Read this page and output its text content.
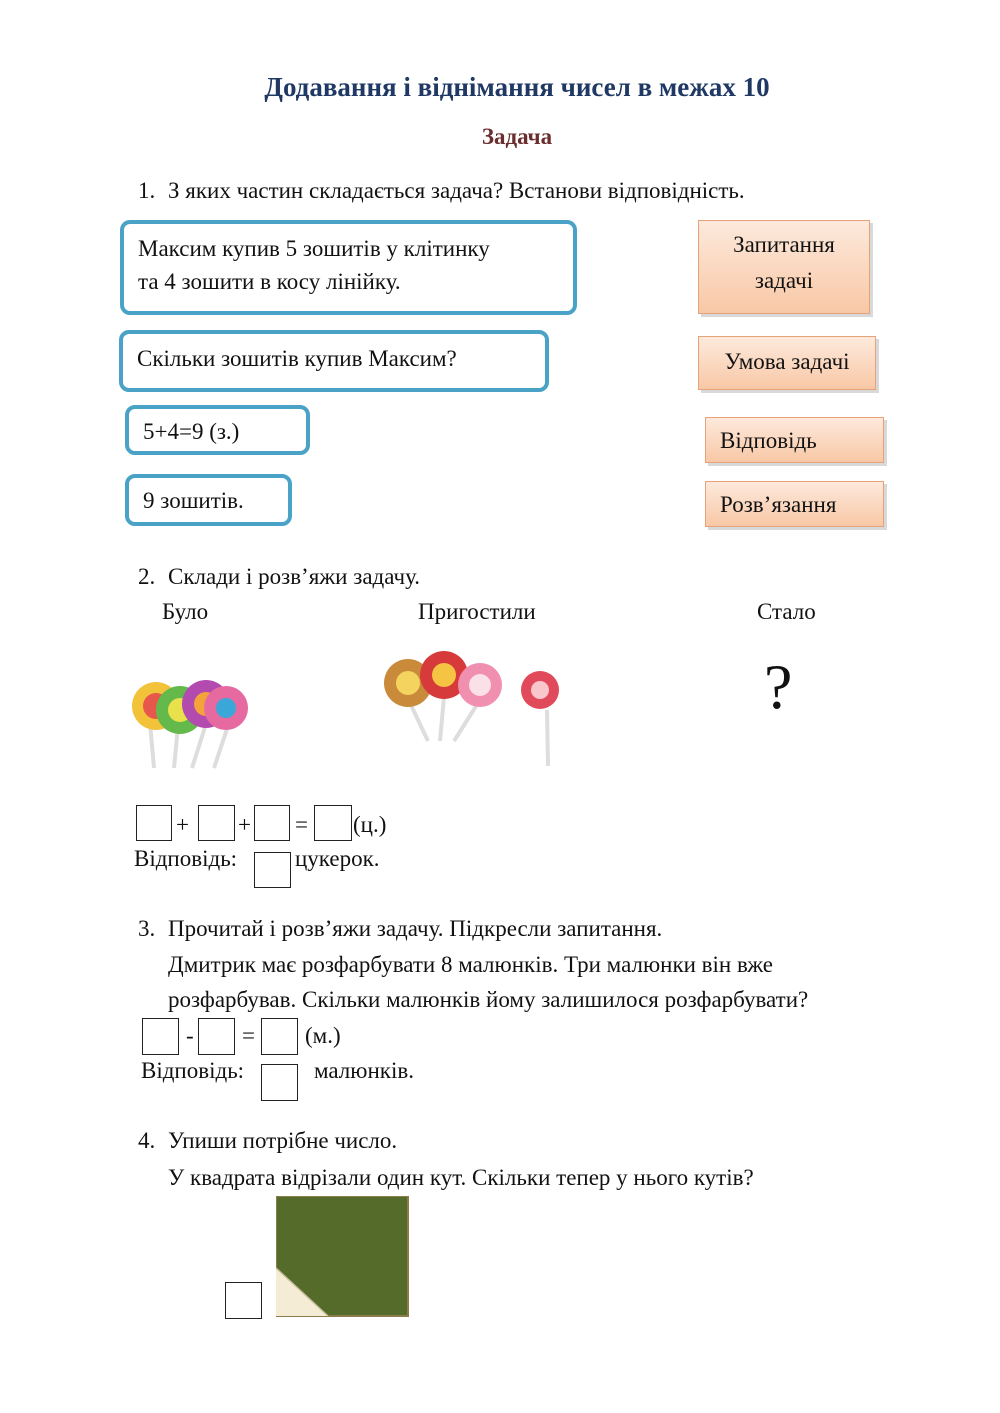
Додавання і віднімання чисел в межах 10
Задача
1. З яких частин складається задача? Встанови відповідність.
Максим купив 5 зошитів у клітинку
та 4 зошити в косу лінійку.
Скільки зошитів купив Максим?
5+4=9 (з.)
9 зошитів.
Запитання
задачі
Умова задачі
Відповідь
Розв’язання
2. Склади і розв’яжи задачу.
Було	Пригостили	Стало
?
+ + = (ц.)
Відповідь:	цукерок.
3. Прочитай і розв’яжи задачу. Підкресли запитання.
Дмитрик має розфарбувати 8 малюнків. Три малюнки він вже
розфарбував. Скільки малюнків йому залишилося розфарбувати?
- = (м.)
Відповідь:	малюнків.
4. Упиши потрібне число.
У квадрата відрізали один кут. Скільки тепер у нього кутів?
